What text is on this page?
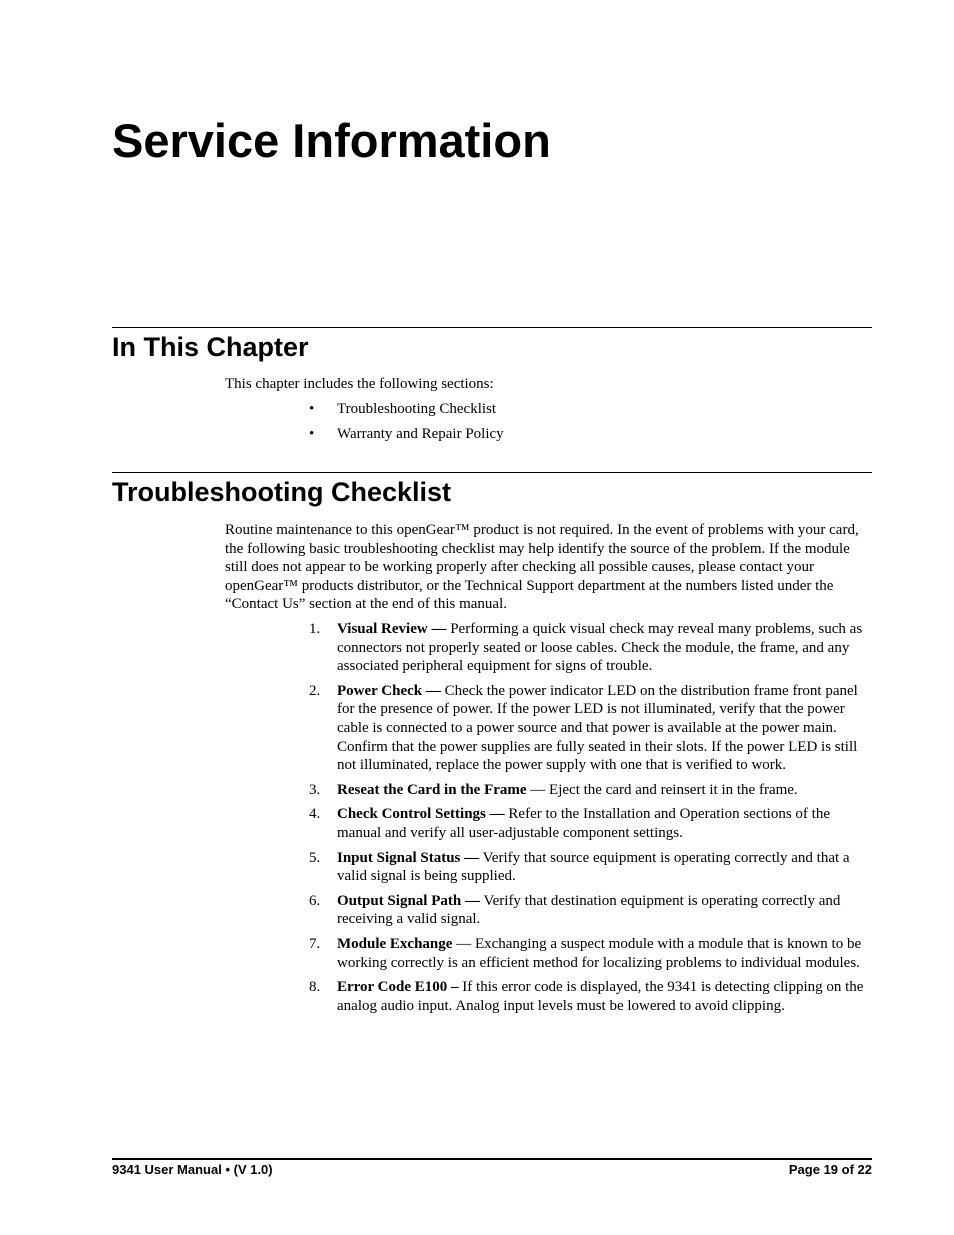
Service Information
In This Chapter

This chapter includes the following sections:

• Troubleshooting Checklist
• Warranty and Repair Policy
Troubleshooting Checklist

Routine maintenance to this openGear™ product is not required. In the event of problems with your card, the following basic troubleshooting checklist may help identify the source of the problem. If the module still does not appear to be working properly after checking all possible causes, please contact your openGear™ products distributor, or the Technical Support department at the numbers listed under the “Contact Us” section at the end of this manual.

1. Visual Review — Performing a quick visual check may reveal many problems, such as connectors not properly seated or loose cables. Check the module, the frame, and any associated peripheral equipment for signs of trouble.
2. Power Check — Check the power indicator LED on the distribution frame front panel for the presence of power. If the power LED is not illuminated, verify that the power cable is connected to a power source and that power is available at the power main. Confirm that the power supplies are fully seated in their slots. If the power LED is still not illuminated, replace the power supply with one that is verified to work.
3. Reseat the Card in the Frame — Eject the card and reinsert it in the frame.
4. Check Control Settings — Refer to the Installation and Operation sections of the manual and verify all user-adjustable component settings.
5. Input Signal Status — Verify that source equipment is operating correctly and that a valid signal is being supplied.
6. Output Signal Path — Verify that destination equipment is operating correctly and receiving a valid signal.
7. Module Exchange — Exchanging a suspect module with a module that is known to be working correctly is an efficient method for localizing problems to individual modules.
8. Error Code E100 – If this error code is displayed, the 9341 is detecting clipping on the analog audio input. Analog input levels must be lowered to avoid clipping.
9341 User Manual • (V 1.0)	Page 19 of 22
